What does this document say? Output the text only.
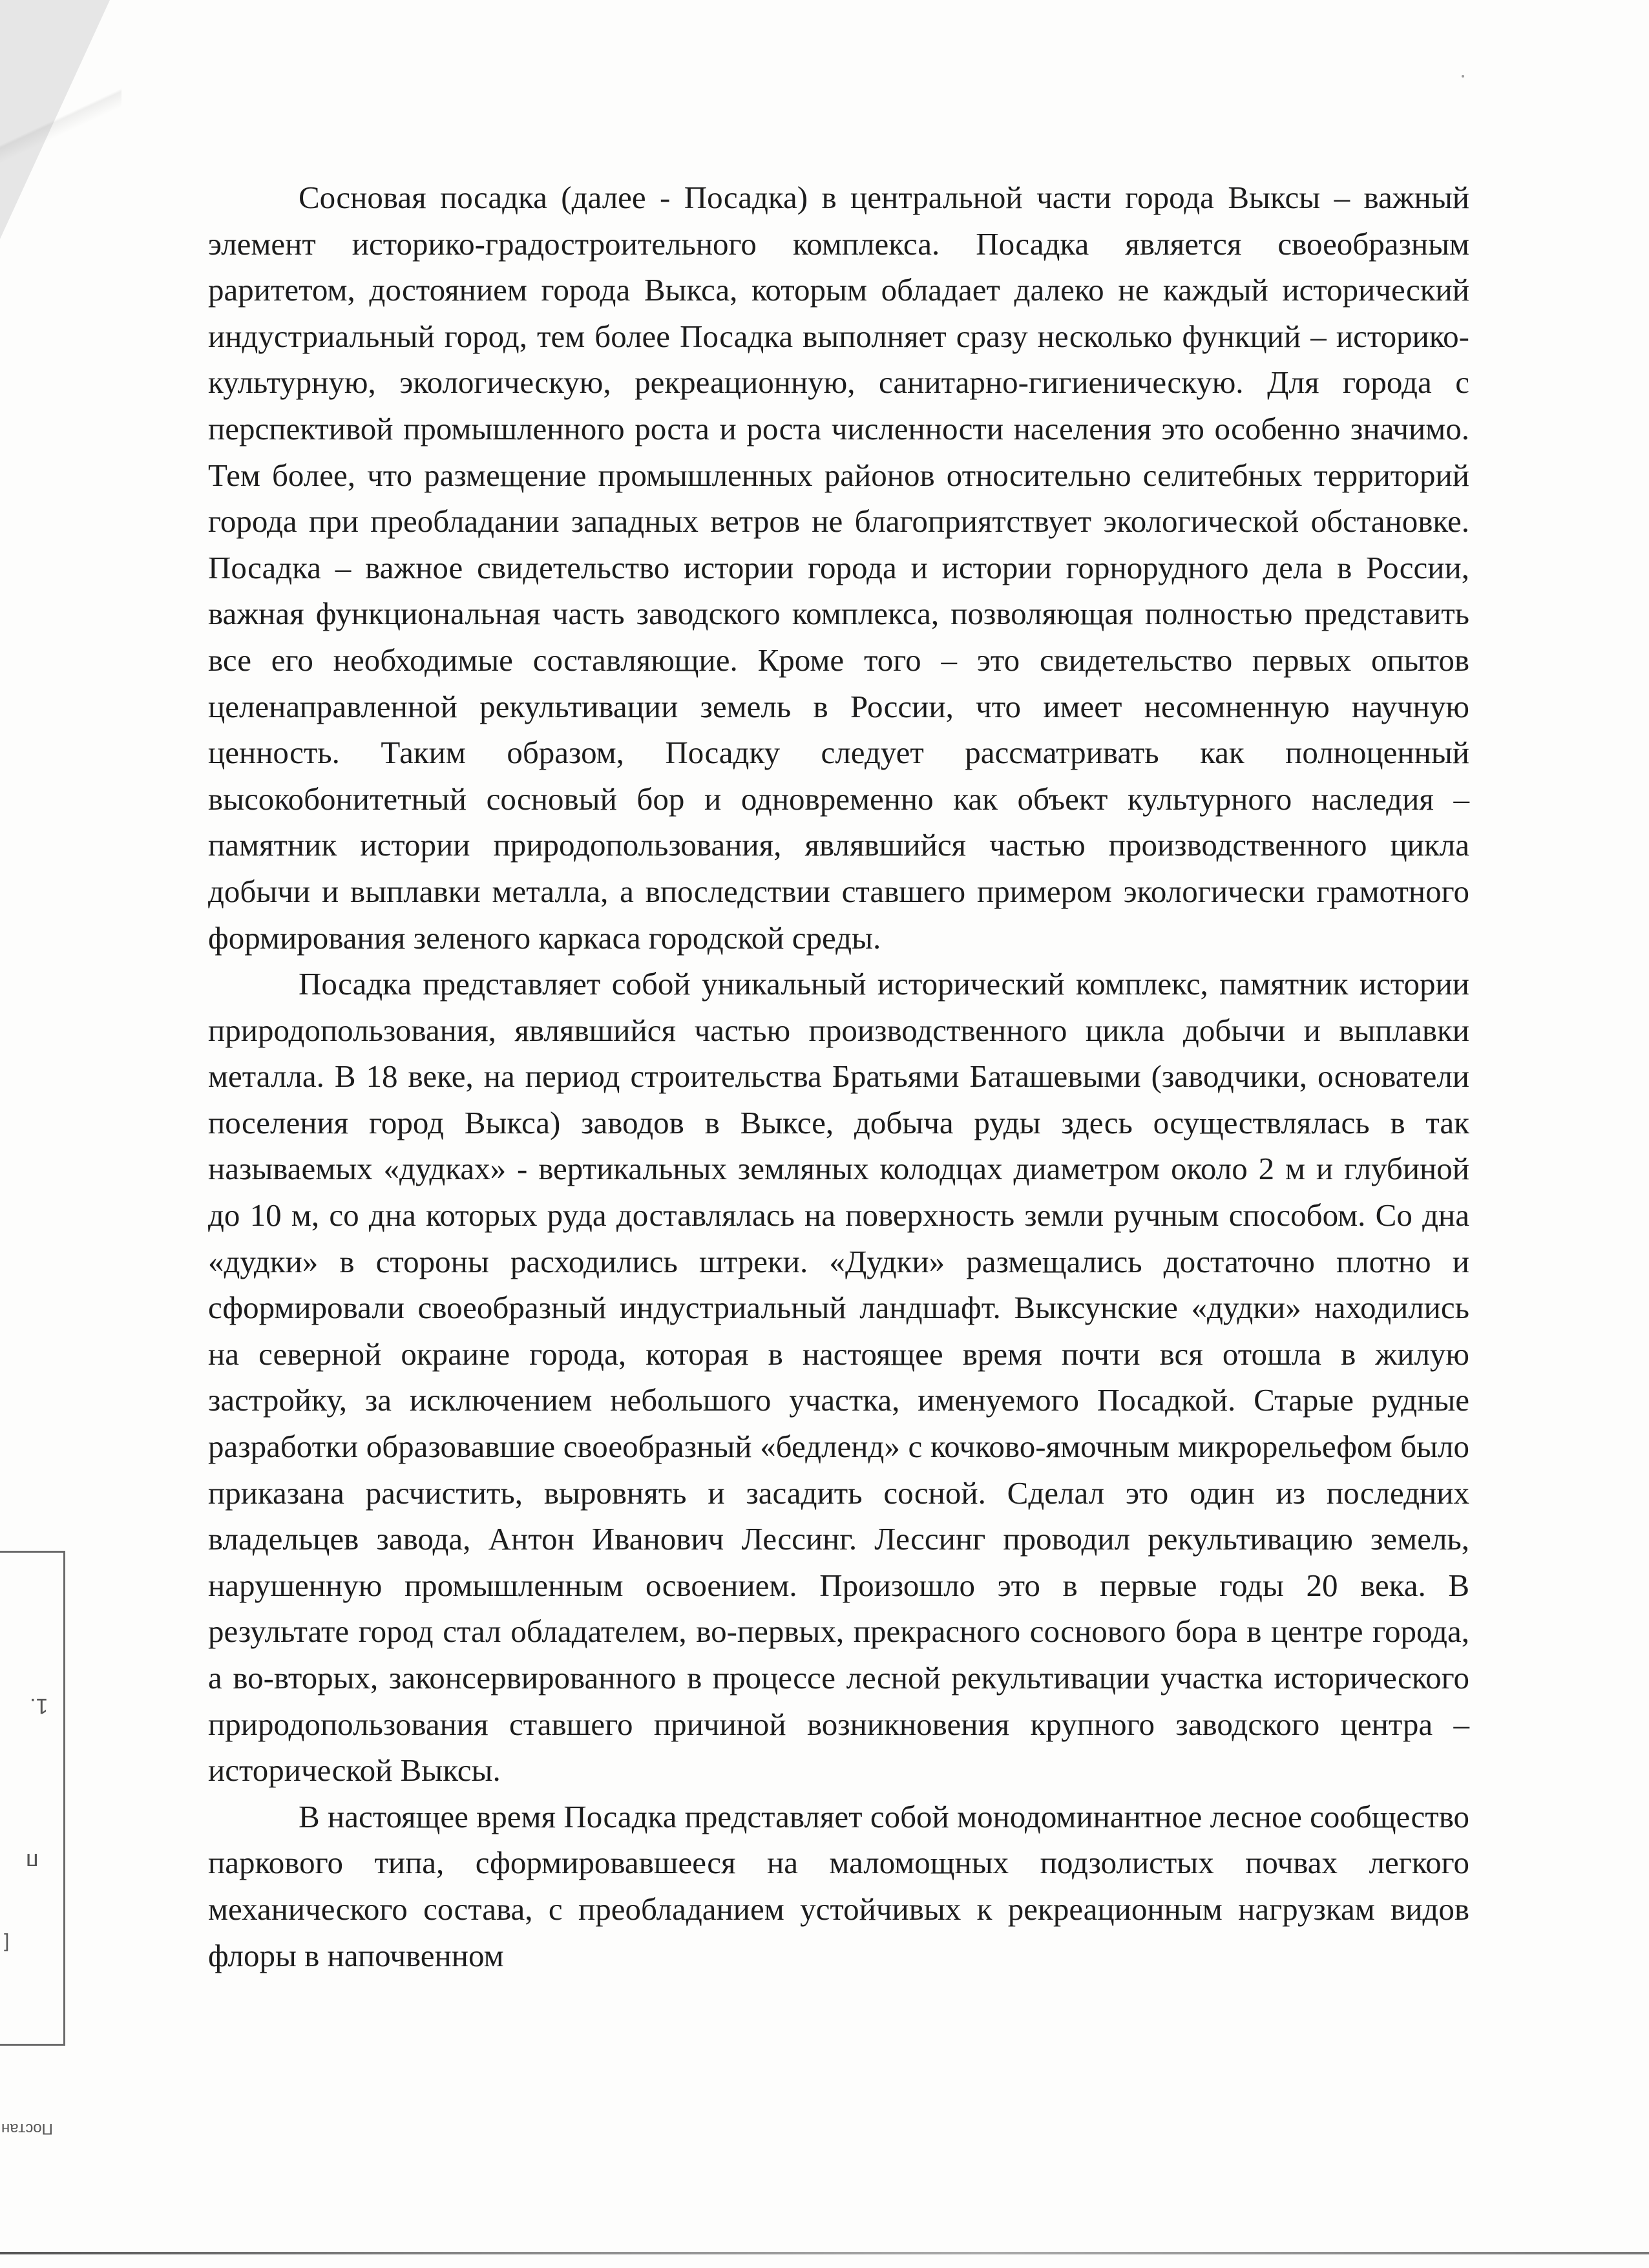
Сосновая посадка (далее - Посадка) в центральной части города Выксы – важный элемент историко-градостроительного комплекса. Посадка является своеобразным раритетом, достоянием города Выкса, которым обладает далеко не каждый исторический индустриальный город, тем более Посадка выполняет сразу несколько функций – историко-культурную, экологическую, рекреационную, санитарно-гигиеническую. Для города с перспективой промышленного роста и роста численности населения это особенно значимо. Тем более, что размещение промышленных районов относительно селитебных территорий города при преобладании западных ветров не благоприятствует экологической обстановке. Посадка – важное свидетельство истории города и истории горнорудного дела в России, важная функциональная часть заводского комплекса, позволяющая полностью представить все его необходимые составляющие. Кроме того – это свидетельство первых опытов целенаправленной рекультивации земель в России, что имеет несомненную научную ценность. Таким образом, Посадку следует рассматривать как полноценный высокобонитетный сосновый бор и одновременно как объект культурного наследия – памятник истории природопользования, являвшийся частью производственного цикла добычи и выплавки металла, а впоследствии ставшего примером экологически грамотного формирования зеленого каркаса городской среды.

Посадка представляет собой уникальный исторический комплекс, памятник истории природопользования, являвшийся частью производственного цикла добычи и выплавки металла. В 18 веке, на период строительства Братьями Баташевыми (заводчики, основатели поселения город Выкса) заводов в Выксе, добыча руды здесь осуществлялась в так называемых «дудках» - вертикальных земляных колодцах диаметром около 2 м и глубиной до 10 м, со дна которых руда доставлялась на поверхность земли ручным способом. Со дна «дудки» в стороны расходились штреки. «Дудки» размещались достаточно плотно и сформировали своеобразный индустриальный ландшафт. Выксунские «дудки» находились на северной окраине города, которая в настоящее время почти вся отошла в жилую застройку, за исключением небольшого участка, именуемого Посадкой. Старые рудные разработки образовавшие своеобразный «бедленд» с кочково-ямочным микрорельефом было приказана расчистить, выровнять и засадить сосной. Сделал это один из последних владельцев завода, Антон Иванович Лессинг. Лессинг проводил рекультивацию земель, нарушенную промышленным освоением. Произошло это в первые годы 20 века. В результате город стал обладателем, во-первых, прекрасного соснового бора в центре города, а во-вторых, законсервированного в процессе лесной рекультивации участка исторического природопользования ставшего причиной возникновения крупного заводского центра – исторической Выксы.

В настоящее время Посадка представляет собой монодоминантное лесное сообщество паркового типа, сформировавшееся на маломощных подзолистых почвах легкого механического состава, с преобладанием устойчивых к рекреационным нагрузкам видов флоры в напочвенном

1.
п
[
Постан
